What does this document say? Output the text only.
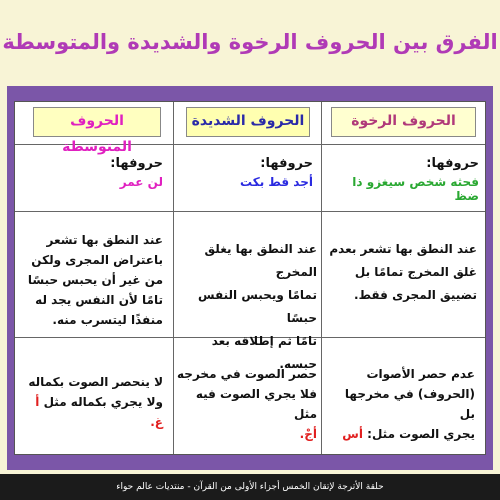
الفرق بين الحروف الرخوة والشديدة والمتوسطة
الحروف الرخوة
الحروف الشديدة
الحروف المتوسطة
حروفها:
فحثه شخص سيغزو ذا ضظ
حروفها:
أجد قط بكت
حروفها:
لن عمر
عند النطق بها تشعر بعدم
غلق المخرج تمامًا بل
تضييق المجرى فقط.
عند النطق بها يغلق المخرج
تمامًا ويحبس النفس حبسًا
تامًا ثم إطلاقه بعد حبسه.
عند النطق بها تشعر
باعتراض المجرى ولكن
من غير أن يحبس حبسًا
تامًا لأن النفس يجد له
منفذًا ليتسرب منه.
عدم حصر الأصوات
(الحروف) في مخرجها بل
يجري الصوت مثل: أس
حصر الصوت في مخرجه
فلا يجري الصوت فيه مثل
أجْ.
لا ينحصر الصوت بكماله
ولا يجري بكماله مثل أ غ.
حلقة الأترجة لإتقان الخمس أجزاء الأولى من القرآن - منتديات عالم حواء
